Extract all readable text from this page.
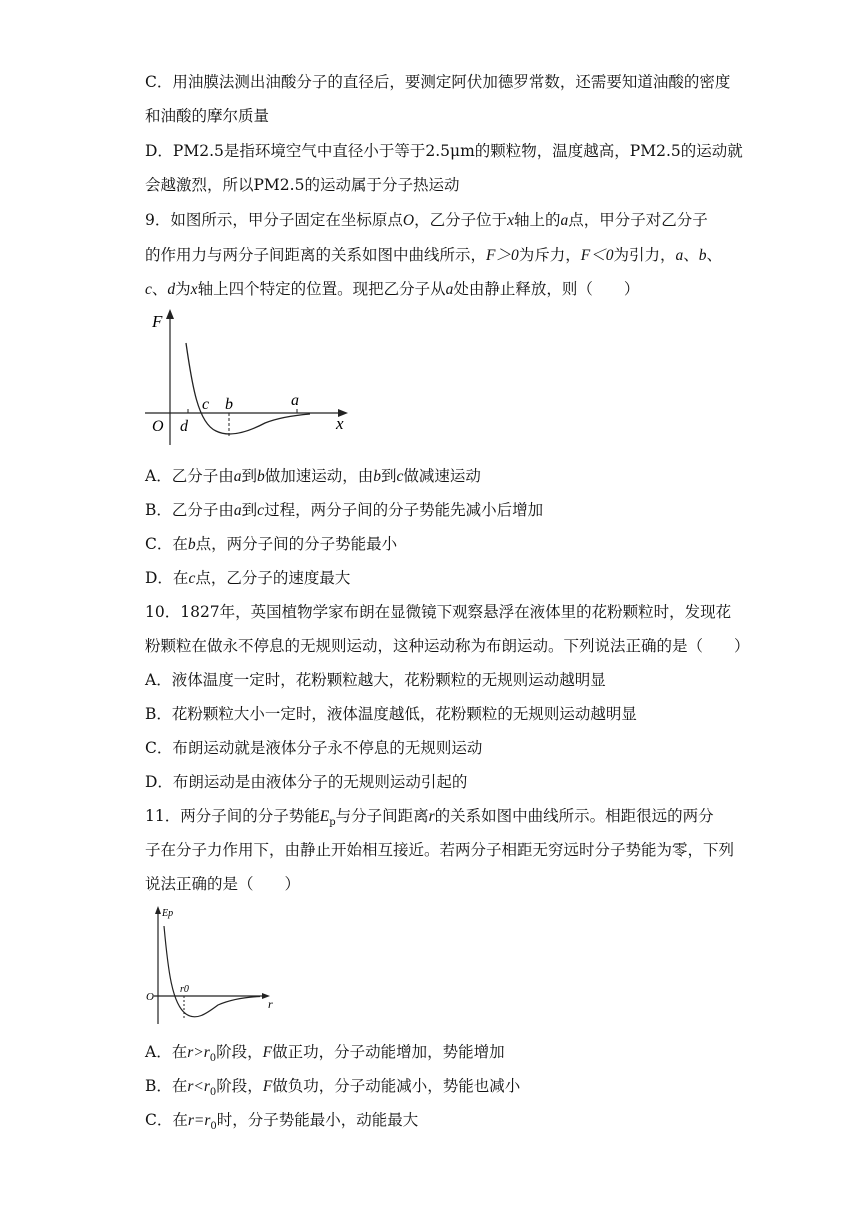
C．用油膜法测出油酸分子的直径后，要测定阿伏加德罗常数，还需要知道油酸的密度
和油酸的摩尔质量
D．PM2.5是指环境空气中直径小于等于2.5μm的颗粒物，温度越高，PM2.5的运动就
会越激烈，所以PM2.5的运动属于分子热运动
9．如图所示，甲分子固定在坐标原点O，乙分子位于x轴上的a点，甲分子对乙分子
的作用力与两分子间距离的关系如图中曲线所示，F＞0为斥力，F＜0为引力，a、b、
c、d为x轴上四个特定的位置。现把乙分子从a处由静止释放，则（　　）
F
x
O
c b	a
d
A．乙分子由a到b做加速运动，由b到c做减速运动
B．乙分子由a到c过程，两分子间的分子势能先减小后增加
C．在b点，两分子间的分子势能最小
D．在c点，乙分子的速度最大
10．1827年，英国植物学家布朗在显微镜下观察悬浮在液体里的花粉颗粒时，发现花
粉颗粒在做永不停息的无规则运动，这种运动称为布朗运动。下列说法正确的是（　　）
A．液体温度一定时，花粉颗粒越大，花粉颗粒的无规则运动越明显
B．花粉颗粒大小一定时，液体温度越低，花粉颗粒的无规则运动越明显
C．布朗运动就是液体分子永不停息的无规则运动
D．布朗运动是由液体分子的无规则运动引起的
11．两分子间的分子势能$E_p$与分子间距离r的关系如图中曲线所示。相距很远的两分
子在分子力作用下，由静止开始相互接近。若两分子相距无穷远时分子势能为零，下列
说法正确的是（　　）
Ep
r
O
r0
A．在$r>r_0$阶段，F做正功，分子动能增加，势能增加
B．在$r<r_0$阶段，F做负功，分子动能减小，势能也减小
C．在$r=r_0$时，分子势能最小，动能最大
